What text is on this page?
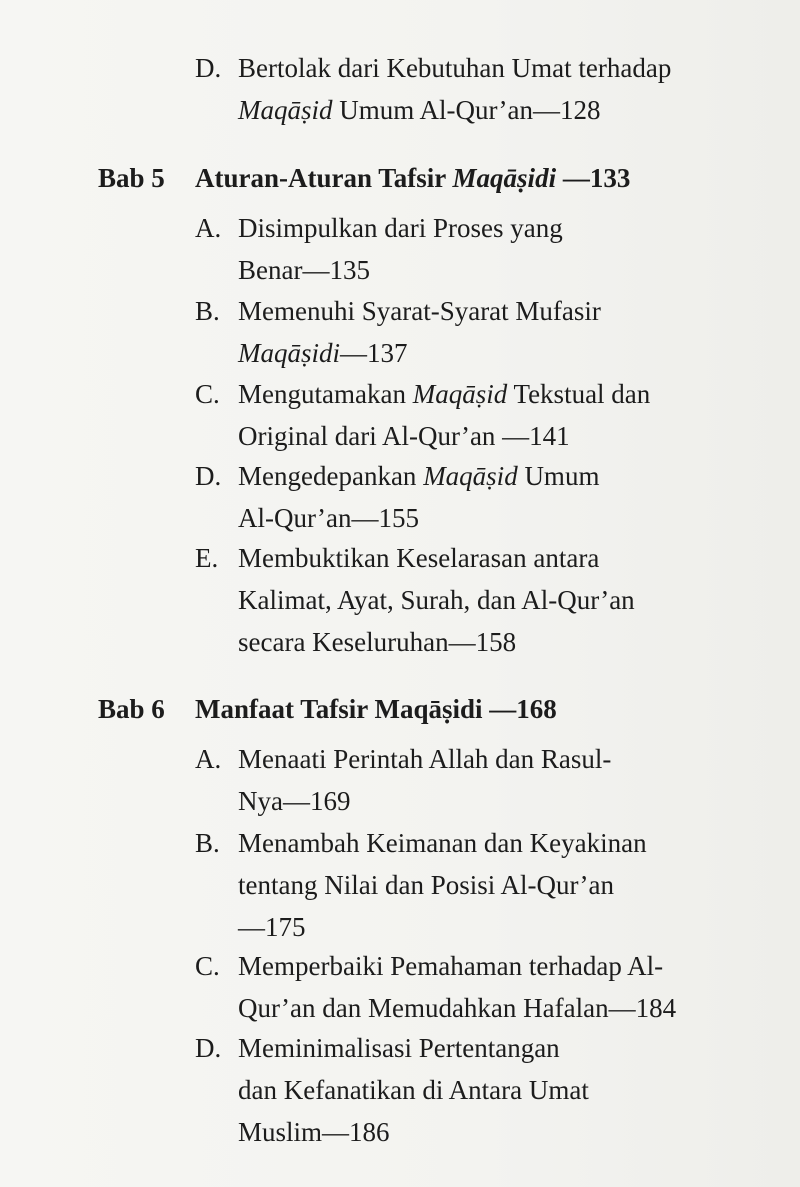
D. Bertolak dari Kebutuhan Umat terhadap
Maqāṣid Umum Al-Qur’an—128
Bab 5 Aturan-Aturan Tafsir Maqāṣidi —133
A. Disimpulkan dari Proses yang
Benar—135
B. Memenuhi Syarat-Syarat Mufasir
Maqāṣidi—137
C. Mengutamakan Maqāṣid Tekstual dan
Original dari Al-Qur’an —141
D. Mengedepankan Maqāṣid Umum
Al-Qur’an—155
E. Membuktikan Keselarasan antara
Kalimat, Ayat, Surah, dan Al-Qur’an
secara Keseluruhan—158
Bab 6 Manfaat Tafsir Maqāṣidi —168
A. Menaati Perintah Allah dan Rasul-
Nya—169
B. Menambah Keimanan dan Keyakinan
tentang Nilai dan Posisi Al-Qur’an
—175
C. Memperbaiki Pemahaman terhadap Al-
Qur’an dan Memudahkan Hafalan—184
D. Meminimalisasi Pertentangan
dan Kefanatikan di Antara Umat
Muslim—186
